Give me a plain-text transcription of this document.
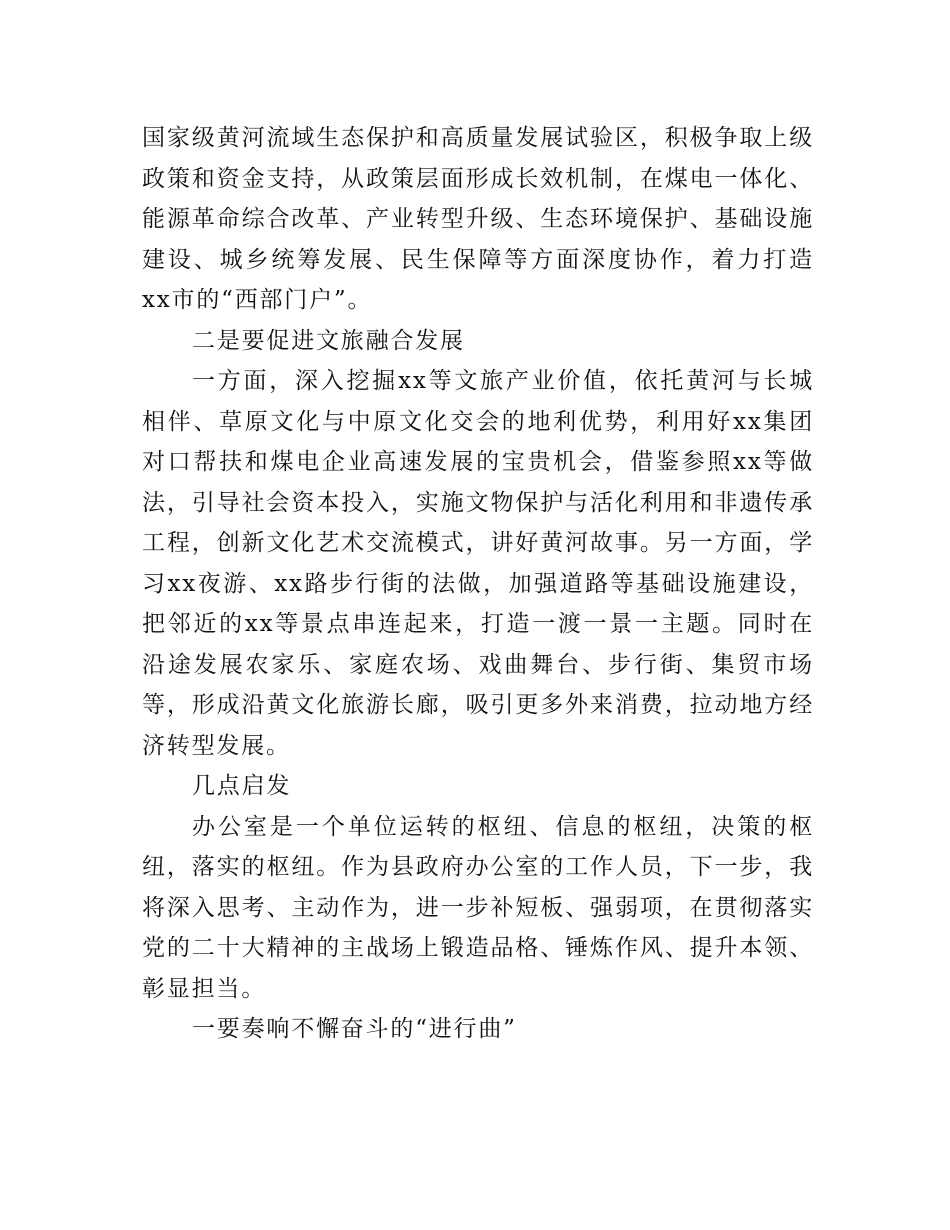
国家级黄河流域生态保护和高质量发展试验区，积极争取上级政策和资金支持，从政策层面形成长效机制，在煤电一体化、能源革命综合改革、产业转型升级、生态环境保护、基础设施建设、城乡统筹发展、民生保障等方面深度协作，着力打造xx市的“西部门户”。

二是要促进文旅融合发展

一方面，深入挖掘xx等文旅产业价值，依托黄河与长城相伴、草原文化与中原文化交会的地利优势，利用好xx集团对口帮扶和煤电企业高速发展的宝贵机会，借鉴参照xx等做法，引导社会资本投入，实施文物保护与活化利用和非遗传承工程，创新文化艺术交流模式，讲好黄河故事。另一方面，学习xx夜游、xx路步行街的法做，加强道路等基础设施建设，把邻近的xx等景点串连起来，打造一渡一景一主题。同时在沿途发展农家乐、家庭农场、戏曲舞台、步行街、集贸市场等，形成沿黄文化旅游长廊，吸引更多外来消费，拉动地方经济转型发展。

几点启发

办公室是一个单位运转的枢纽、信息的枢纽，决策的枢纽，落实的枢纽。作为县政府办公室的工作人员，下一步，我将深入思考、主动作为，进一步补短板、强弱项，在贯彻落实党的二十大精神的主战场上锻造品格、锤炼作风、提升本领、彰显担当。

一要奏响不懈奋斗的“进行曲”
